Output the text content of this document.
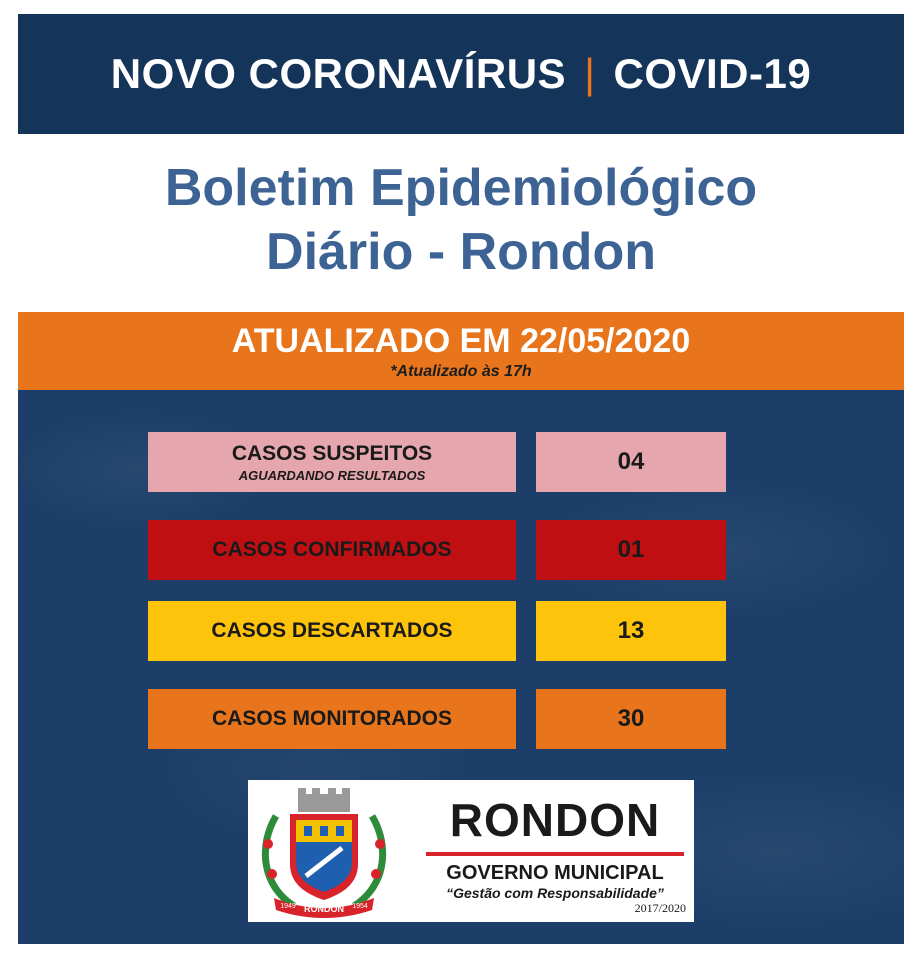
NOVO CORONAVÍRUS | COVID-19
Boletim Epidemiológico
Diário - Rondon
ATUALIZADO EM 22/05/2020
*Atualizado às 17h
CASOS SUSPEITOS
AGUARDANDO RESULTADOS	04
CASOS CONFIRMADOS	01
CASOS DESCARTADOS	13
CASOS MONITORADOS	30
RONDON
1949	1954
RONDON
GOVERNO MUNICIPAL
“Gestão com Responsabilidade”
2017/2020
